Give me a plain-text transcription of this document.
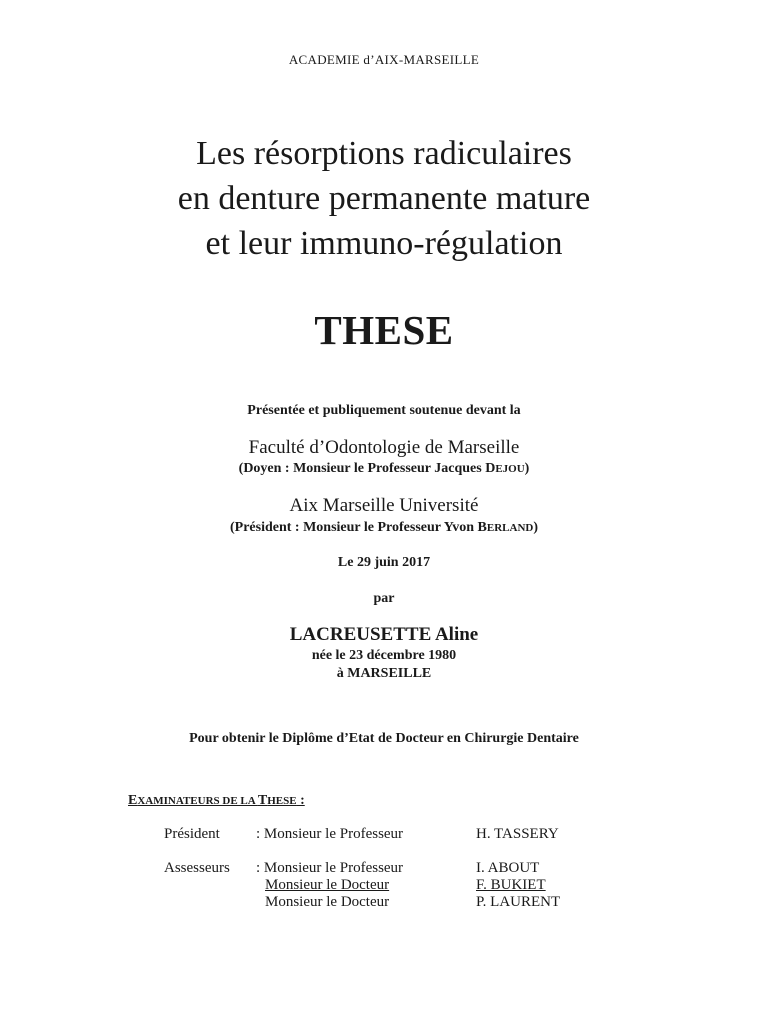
ACADEMIE d’AIX-MARSEILLE
Les résorptions radiculaires
en denture permanente mature
et leur immuno-régulation
THESE
Présentée et publiquement soutenue devant la
Faculté d’Odontologie de Marseille
(Doyen : Monsieur le Professeur Jacques DEJOU)
Aix Marseille Université
(Président : Monsieur le Professeur Yvon BERLAND)
Le 29 juin 2017
par
LACREUSETTE Aline
née le 23 décembre 1980
à MARSEILLE
Pour obtenir le Diplôme d’Etat de Docteur en Chirurgie Dentaire
EXAMINATEURS DE LA THESE :
Président : Monsieur le Professeur	H. TASSERY
Assesseurs : Monsieur le Professeur	I. ABOUT
Monsieur le Docteur	F. BUKIET
Monsieur le Docteur	P. LAURENT
